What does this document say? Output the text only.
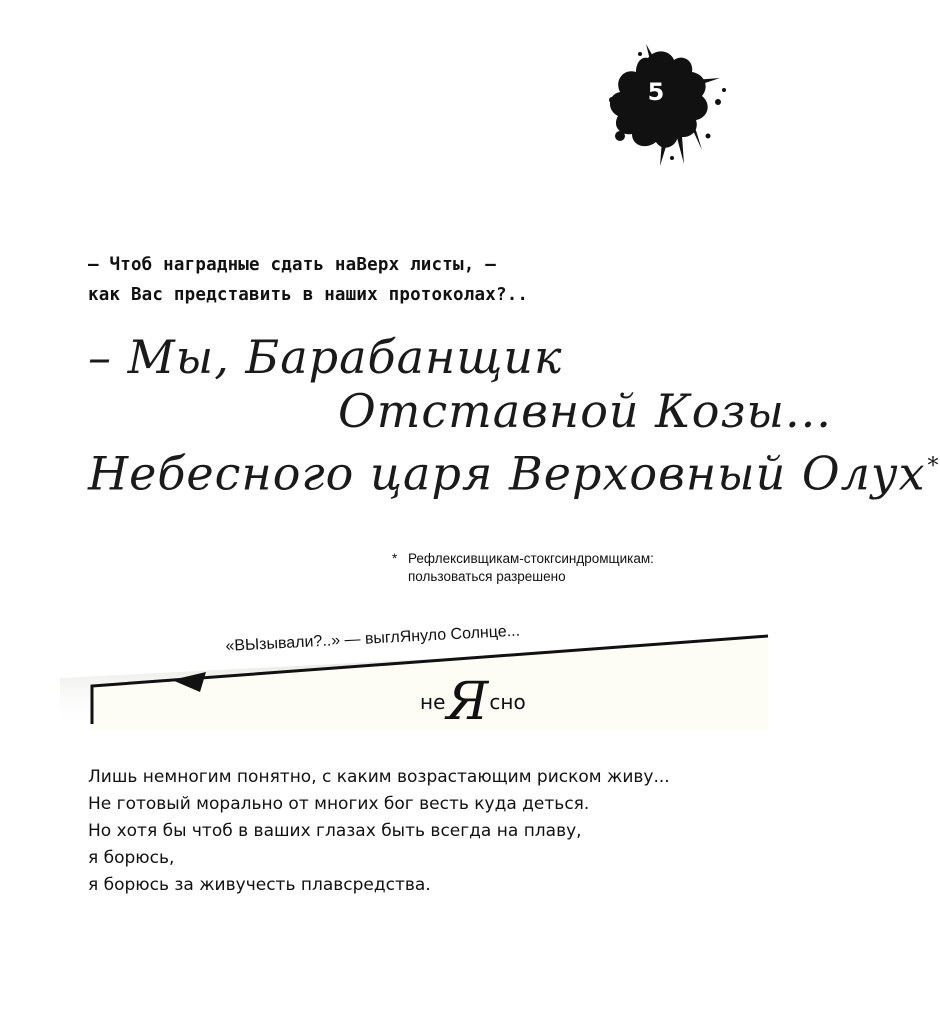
5
— Чтоб наградные сдать наВерх листы, —
как Вас представить в наших протоколах?..
– Мы, Барабанщик
Отставной Козы...
Небесного царя Верховный Олух*
* Рефлексивщикам-стокгсиндромщикам:
пользоваться разрешено
«ВЫзывали?..» — выглЯнуло Солнце...
неЯсно
Лишь немногим понятно, с каким возрастающим риском живу...
Не готовый морально от многих бог весть куда деться.
Но хотя бы чтоб в ваших глазах быть всегда на плаву,
я борюсь,
я борюсь за живучесть плавсредства.
